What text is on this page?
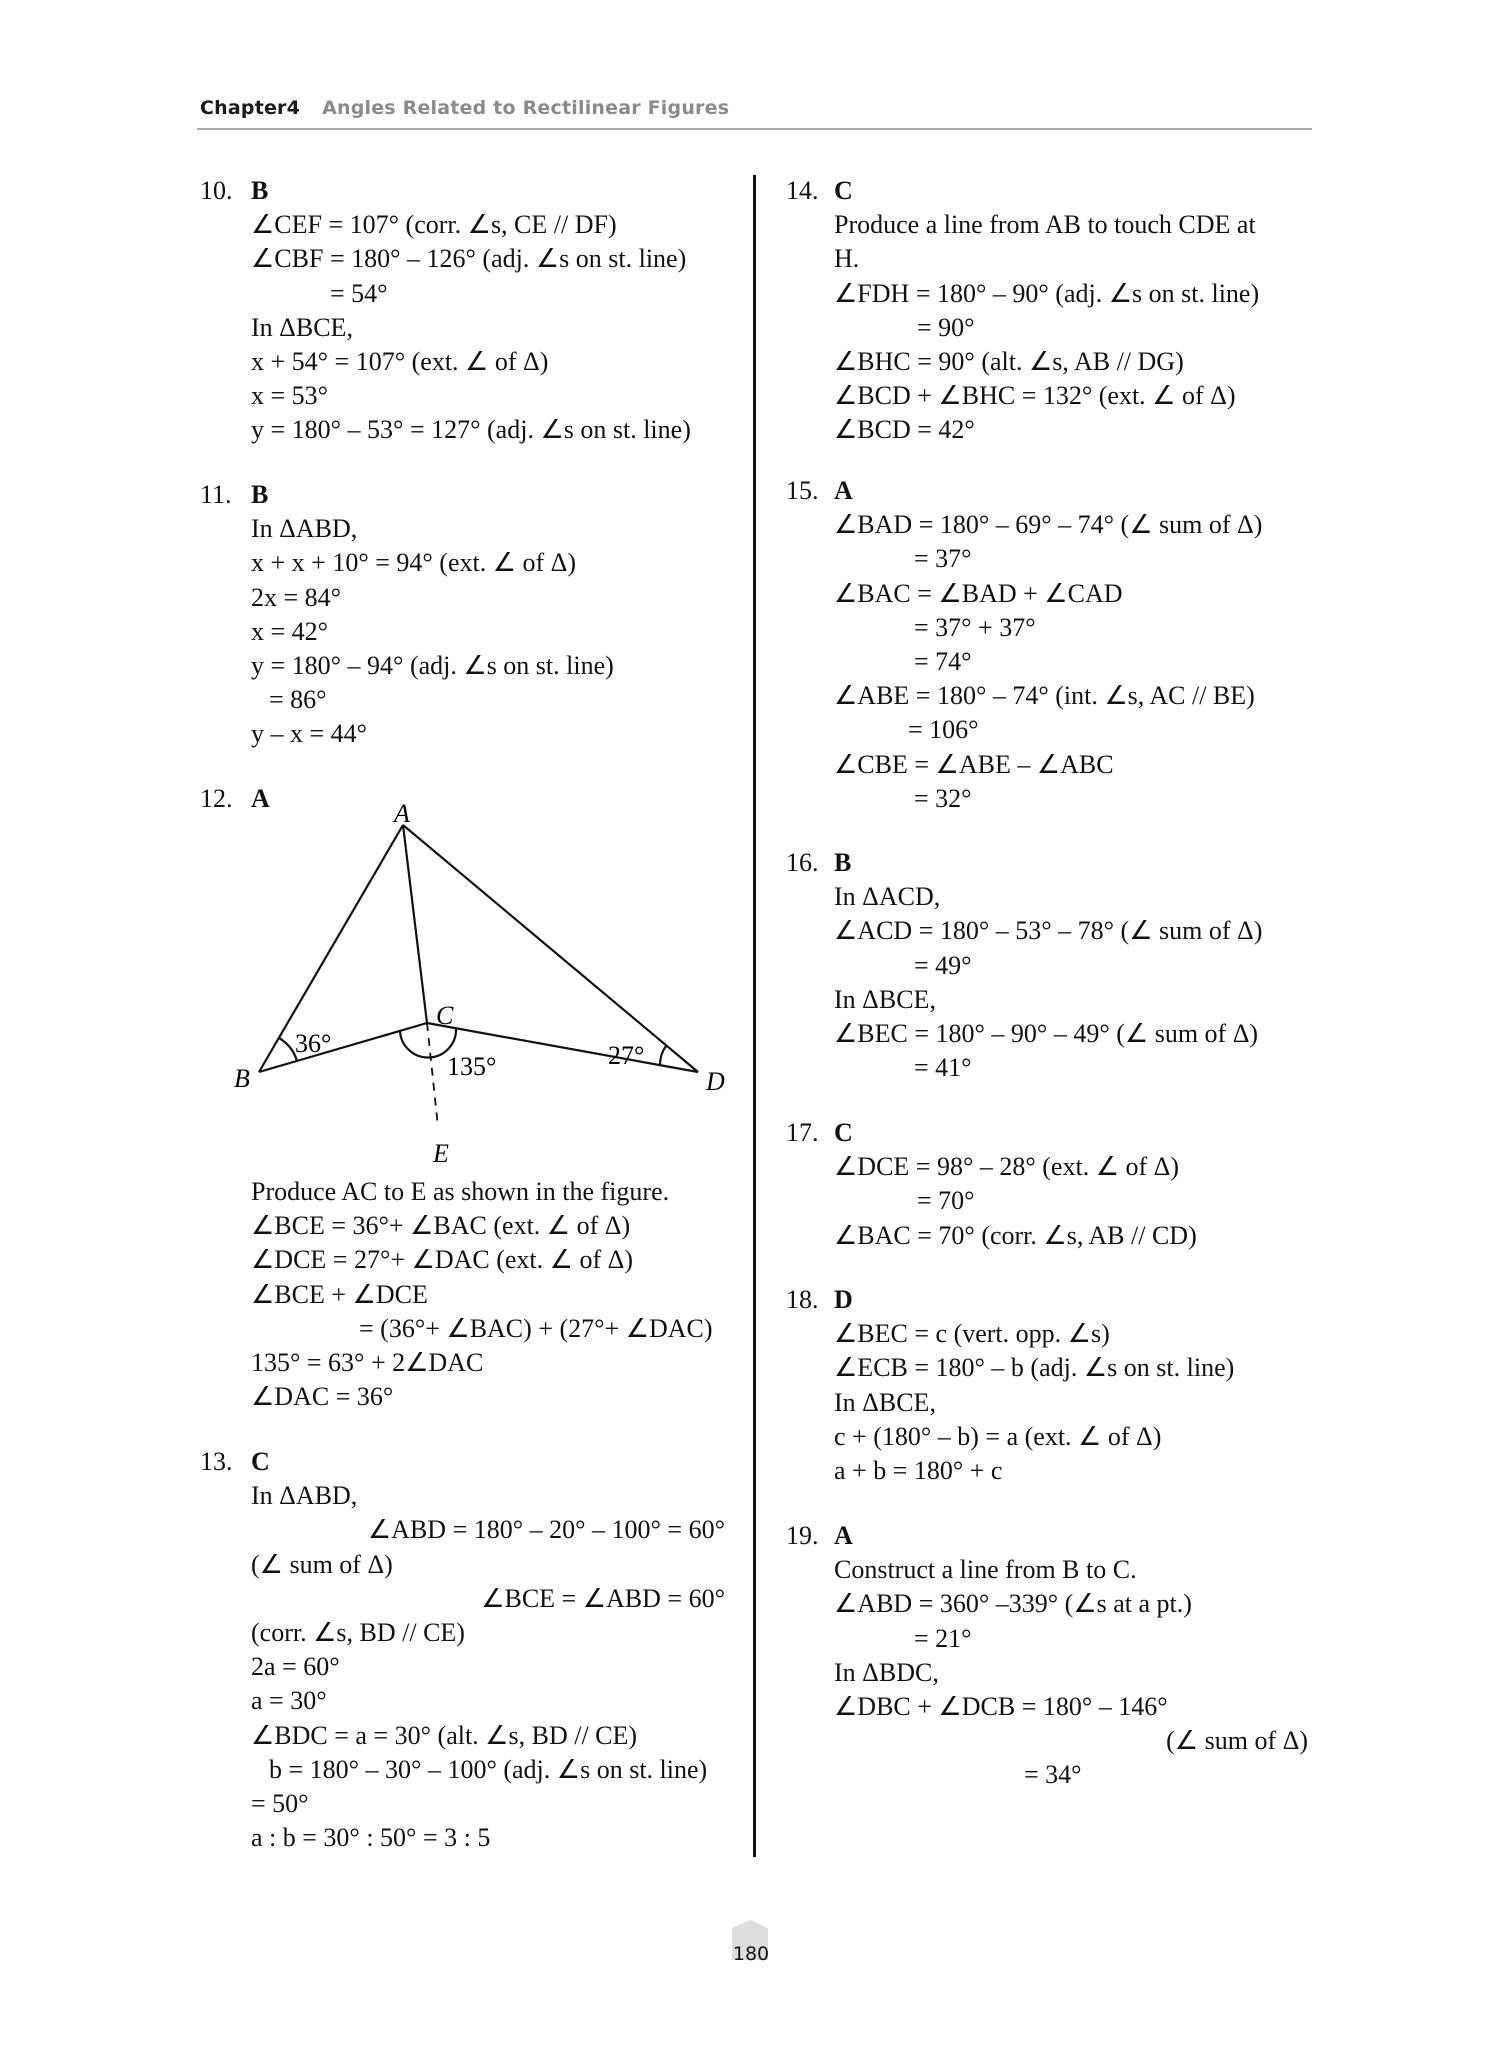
Chapter4 Angles Related to Rectilinear Figures
10. B
∠CEF = 107° (corr. ∠s, CE // DF)
∠CBF = 180° – 126° (adj. ∠s on st. line)
= 54°
In ΔBCE,
x + 54° = 107° (ext. ∠ of Δ)
x = 53°
y = 180° – 53° = 127° (adj. ∠s on st. line)
11. B
In ΔABD,
x + x + 10° = 94° (ext. ∠ of Δ)
2x = 84°
x = 42°
y = 180° – 94° (adj. ∠s on st. line)
= 86°
y – x = 44°
12. A
Produce AC to E as shown in the figure.
∠BCE = 36°+ ∠BAC (ext. ∠ of Δ)
∠DCE = 27°+ ∠DAC (ext. ∠ of Δ)
∠BCE + ∠DCE
= (36°+ ∠BAC) + (27°+ ∠DAC)
135° = 63° + 2∠DAC
∠DAC = 36°
13. C
In ΔABD,
∠ABD = 180° – 20° – 100° = 60°
(∠ sum of Δ)
∠BCE = ∠ABD = 60°
(corr. ∠s, BD // CE)
2a = 60°
a = 30°
∠BDC = a = 30° (alt. ∠s, BD // CE)
b = 180° – 30° – 100° (adj. ∠s on st. line)
= 50°
a : b = 30° : 50° = 3 : 5
14. C
Produce a line from AB to touch CDE at
H.
∠FDH = 180° – 90° (adj. ∠s on st. line)
= 90°
∠BHC = 90° (alt. ∠s, AB // DG)
∠BCD + ∠BHC = 132° (ext. ∠ of Δ)
∠BCD = 42°
15. A
∠BAD = 180° – 69° – 74° (∠ sum of Δ)
= 37°
∠BAC = ∠BAD + ∠CAD
= 37° + 37°
= 74°
∠ABE = 180° – 74° (int. ∠s, AC // BE)
= 106°
∠CBE = ∠ABE – ∠ABC
= 32°
16. B
In ΔACD,
∠ACD = 180° – 53° – 78° (∠ sum of Δ)
= 49°
In ΔBCE,
∠BEC = 180° – 90° – 49° (∠ sum of Δ)
= 41°
17. C
∠DCE = 98° – 28° (ext. ∠ of Δ)
= 70°
∠BAC = 70° (corr. ∠s, AB // CD)
18. D
∠BEC = c (vert. opp. ∠s)
∠ECB = 180° – b (adj. ∠s on st. line)
In ΔBCE,
c + (180° – b) = a (ext. ∠ of Δ)
a + b = 180° + c
19. A
Construct a line from B to C.
∠ABD = 360° –339° (∠s at a pt.)
= 21°
In ΔBDC,
∠DBC + ∠DCB = 180° – 146°
(∠ sum of Δ)
= 34°
A
B
C
D
E
36°
135°	27°
180
